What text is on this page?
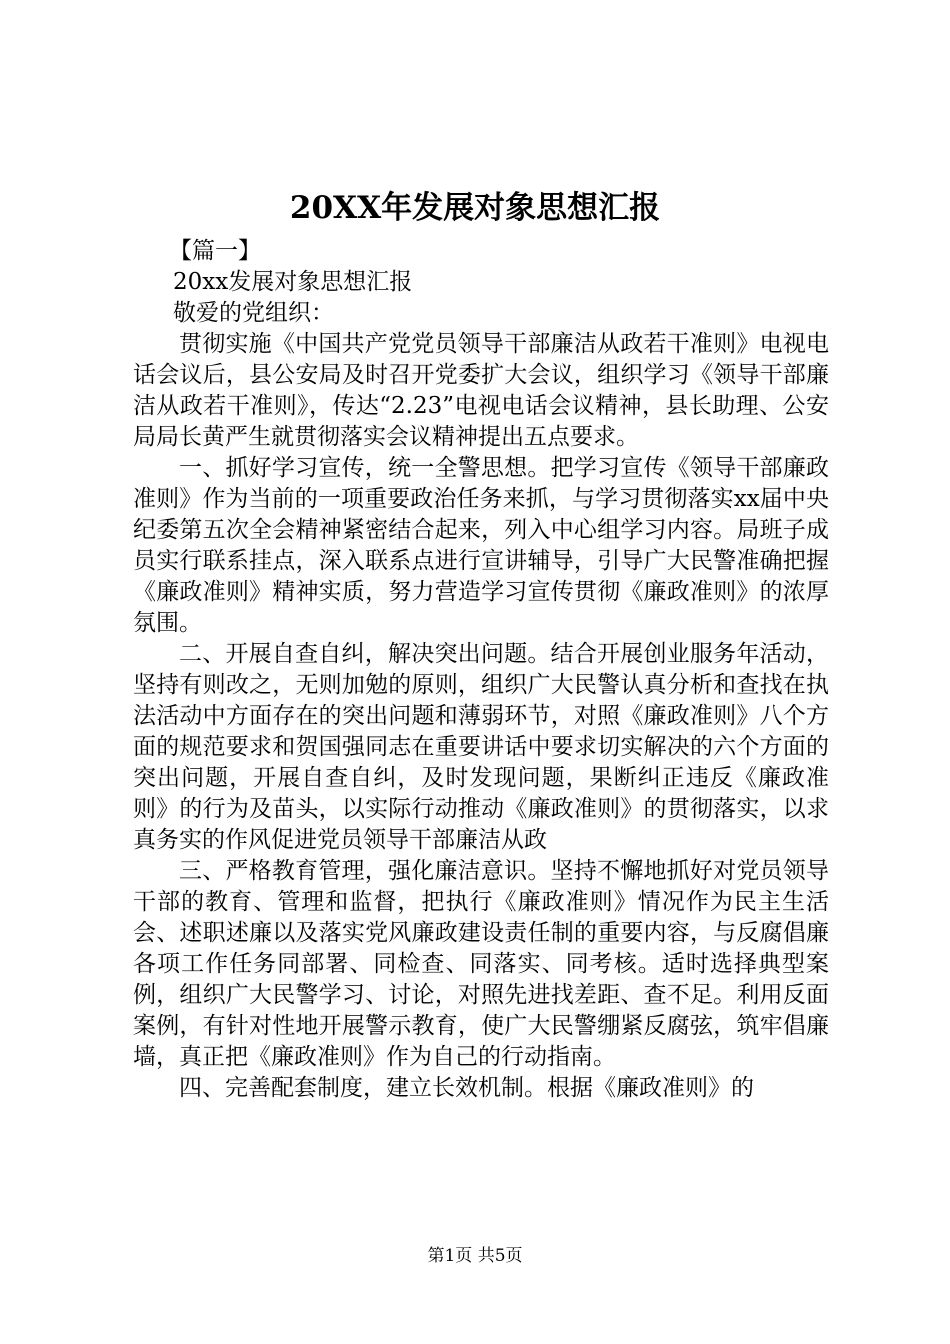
20XX年发展对象思想汇报

【篇一】

20xx发展对象思想汇报

敬爱的党组织：

贯彻实施《中国共产党党员领导干部廉洁从政若干准则》电视电话会议后，县公安局及时召开党委扩大会议，组织学习《领导干部廉洁从政若干准则》，传达“2.23”电视电话会议精神，县长助理、公安局局长黄严生就贯彻落实会议精神提出五点要求。

一、抓好学习宣传，统一全警思想。把学习宣传《领导干部廉政准则》作为当前的一项重要政治任务来抓，与学习贯彻落实xx届中央纪委第五次全会精神紧密结合起来，列入中心组学习内容。局班子成员实行联系挂点，深入联系点进行宣讲辅导，引导广大民警准确把握《廉政准则》精神实质，努力营造学习宣传贯彻《廉政准则》的浓厚氛围。

二、开展自查自纠，解决突出问题。结合开展创业服务年活动，坚持有则改之，无则加勉的原则，组织广大民警认真分析和查找在执法活动中方面存在的突出问题和薄弱环节，对照《廉政准则》八个方面的规范要求和贺国强同志在重要讲话中要求切实解决的六个方面的突出问题，开展自查自纠，及时发现问题，果断纠正违反《廉政准则》的行为及苗头，以实际行动推动《廉政准则》的贯彻落实，以求真务实的作风促进党员领导干部廉洁从政

三、严格教育管理，强化廉洁意识。坚持不懈地抓好对党员领导干部的教育、管理和监督，把执行《廉政准则》情况作为民主生活会、述职述廉以及落实党风廉政建设责任制的重要内容，与反腐倡廉各项工作任务同部署、同检查、同落实、同考核。适时选择典型案例，组织广大民警学习、讨论，对照先进找差距、查不足。利用反面案例，有针对性地开展警示教育，使广大民警绷紧反腐弦，筑牢倡廉墙，真正把《廉政准则》作为自己的行动指南。

四、完善配套制度，建立长效机制。根据《廉政准则》的

第1页 共5页
